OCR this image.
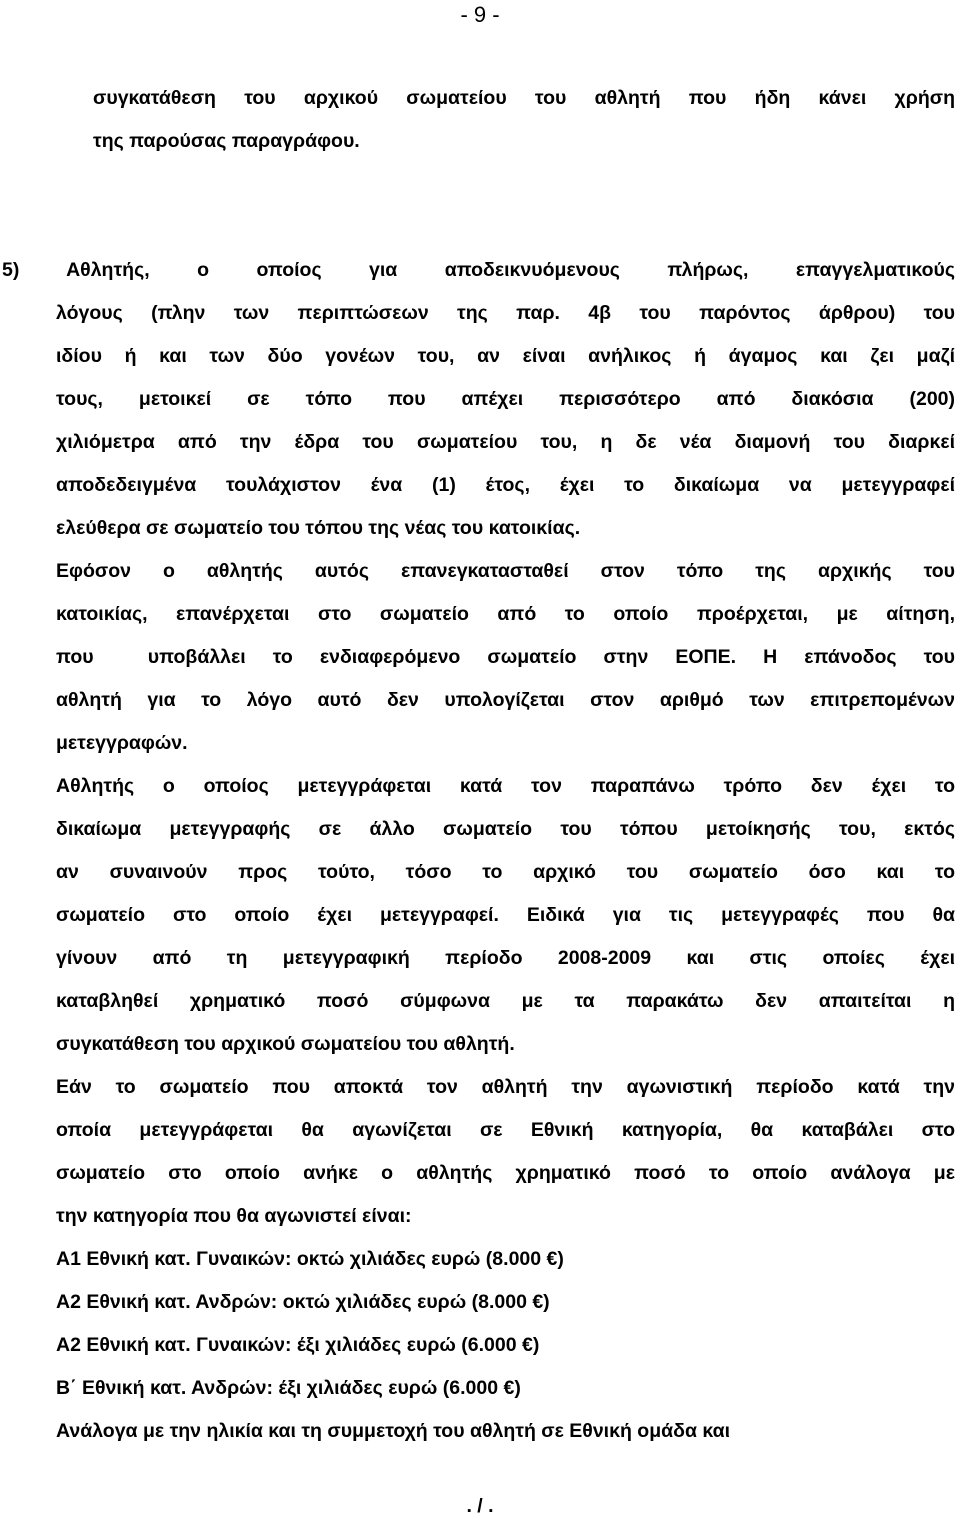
- 9 -

συγκατάθεση του αρχικού σωματείου του αθλητή που ήδη κάνει χρήση

της παρούσας παραγράφου.

5)  Αθλητής,  ο  οποίος  για  αποδεικνυόμενους  πλήρως,  επαγγελματικούς

λόγους (πλην των περιπτώσεων της παρ. 4β του παρόντος άρθρου) του

ιδίου ή και των δύο γονέων του, αν είναι ανήλικος ή άγαμος και ζει μαζί

τους, μετοικεί σε τόπο που απέχει περισσότερο από διακόσια (200)

χιλιόμετρα από την έδρα του σωματείου του, η δε νέα διαμονή του διαρκεί

αποδεδειγμένα τουλάχιστον ένα (1) έτος, έχει το δικαίωμα να μετεγγραφεί

ελεύθερα σε σωματείο του τόπου της νέας του κατοικίας.

Εφόσον ο αθλητής αυτός επανεγκατασταθεί στον τόπο της αρχικής του

κατοικίας, επανέρχεται στο σωματείο από το οποίο προέρχεται, με αίτηση,

που  υποβάλλει το ενδιαφερόμενο σωματείο στην ΕΟΠΕ. Η επάνοδος του

αθλητή για το λόγο αυτό δεν υπολογίζεται στον αριθμό των επιτρεπομένων

μετεγγραφών.

Αθλητής ο οποίος μετεγγράφεται κατά τον παραπάνω τρόπο δεν έχει το

δικαίωμα μετεγγραφής σε άλλο σωματείο του τόπου μετοίκησής του, εκτός

αν συναινούν προς τούτο, τόσο το αρχικό του σωματείο όσο και το

σωματείο στο οποίο έχει μετεγγραφεί. Ειδικά για τις μετεγγραφές που θα

γίνουν από τη μετεγγραφική περίοδο 2008-2009 και στις οποίες έχει

καταβληθεί χρηματικό ποσό σύμφωνα με τα παρακάτω δεν απαιτείται η

συγκατάθεση του αρχικού σωματείου του αθλητή.

Εάν το σωματείο που αποκτά τον αθλητή την αγωνιστική περίοδο κατά την

οποία μετεγγράφεται θα αγωνίζεται σε Εθνική κατηγορία, θα καταβάλει στο

σωματείο στο οποίο ανήκε ο αθλητής χρηματικό ποσό το οποίο ανάλογα με

την κατηγορία που θα αγωνιστεί είναι:

Α1 Εθνική κατ. Γυναικών: οκτώ χιλιάδες ευρώ (8.000 €)

Α2 Εθνική κατ. Ανδρών: οκτώ χιλιάδες ευρώ (8.000 €)

Α2 Εθνική κατ. Γυναικών: έξι χιλιάδες ευρώ (6.000 €)

Β΄ Εθνική κατ. Ανδρών: έξι χιλιάδες ευρώ (6.000 €)

Ανάλογα με την ηλικία και τη συμμετοχή του αθλητή σε Εθνική ομάδα και

. / .
